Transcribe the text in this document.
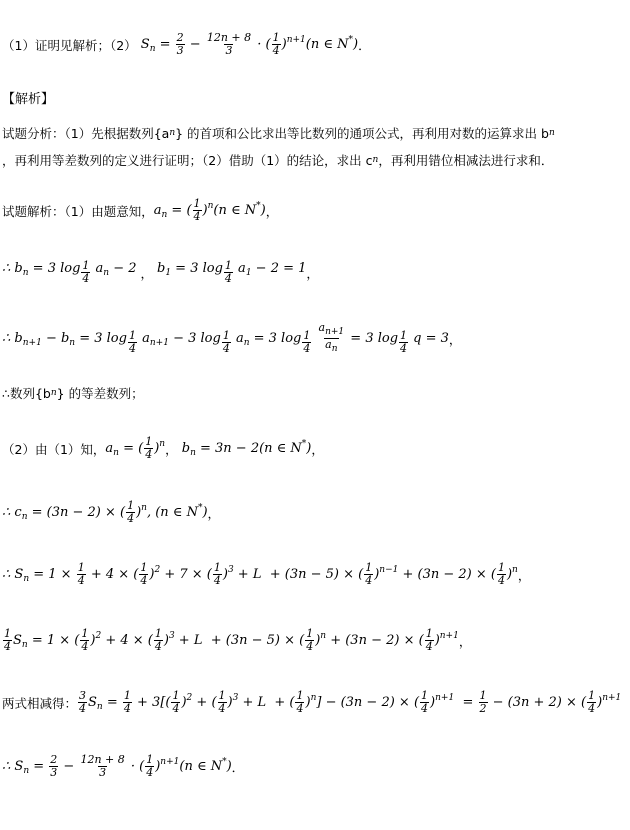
（1）证明见解析；（2） $S_n = \frac{2}{3} - \frac{12n + 8}{3}$ · ( $\frac{1}{4} )^{n+1}(n$ ∈ N*) ．
【解析】
试题分析：（1）先根据数列{a n } 的首项和公比求出等比数列的通项公式，再利用对数的运算求出 b n
，再利用等差数列的定义进行证明；（2）借助（1）的结论，求出 c n ，再利用错位相减法进行求和．
试题解析：（1）由题意知， $a_n$ = ( $\frac{1}{4} )^n(n$ ∈ N*) ，
∴ $b_n = 3$ log $_{\frac{1}{4}}$ $a_n - 2$ ， $b_1 = 3$ log $_{\frac{1}{4}}$ $a_1 - 2 = 1$ ，
∴ $b_{n+1} - b_n = 3$ log $_{\frac{1}{4}}$ $a_{n+1} - 3$ log $_{\frac{1}{4}}$ $a_n = 3$ log $_{\frac{1}{4}}$
$\frac{a_{n+1}}{a_n} = 3$ log $_{\frac{1}{4}}$ q = 3 ，
∴数列{b n } 的等差数列；
（2）由（1）知， $a_n$ = ( $\frac{1}{4} )^n$ ， $b_n = 3n - 2(n$ ∈ N*) ，
∴ $c_n = (3n - 2)$ × ( $\frac{1}{4} )^n$, (n ∈ N*) ，
∴ $S_n = 1 \times \frac{1}{4} + 4$ × ( $\frac{1}{4} )^2 + 7$ × ( $\frac{1}{4} )^3 + L + (3n - 5)$ × ( $\frac{1}{4} )^{n-1} + (3n - 2)$ × ( $\frac{1}{4} )^n$ ，
$\frac{1}{4} S_n = 1$ × ( $\frac{1}{4} )^2 + 4$ × ( $\frac{1}{4} )^3 + L + (3n - 5)$ × ( $\frac{1}{4} )^n + (3n - 2)$ × ( $\frac{1}{4} )^{n+1}$ ，
两式相减得： $\frac{3}{4} S_n = \frac{1}{4} + 3[( \frac{1}{4} )^2$ + ( $\frac{1}{4} )^3 + L$  + ( $\frac{1}{4} )^n] - (3n - 2)$ × ( $\frac{1}{4} )^{n+1} = \frac{1}{2} - (3n + 2)$ × ( $\frac{1}{4} )^{n+1}$
∴ $S_n = \frac{2}{3} - \frac{12n + 8}{3}$ · ( $\frac{1}{4} )^{n+1}(n$ ∈ N*) ．
